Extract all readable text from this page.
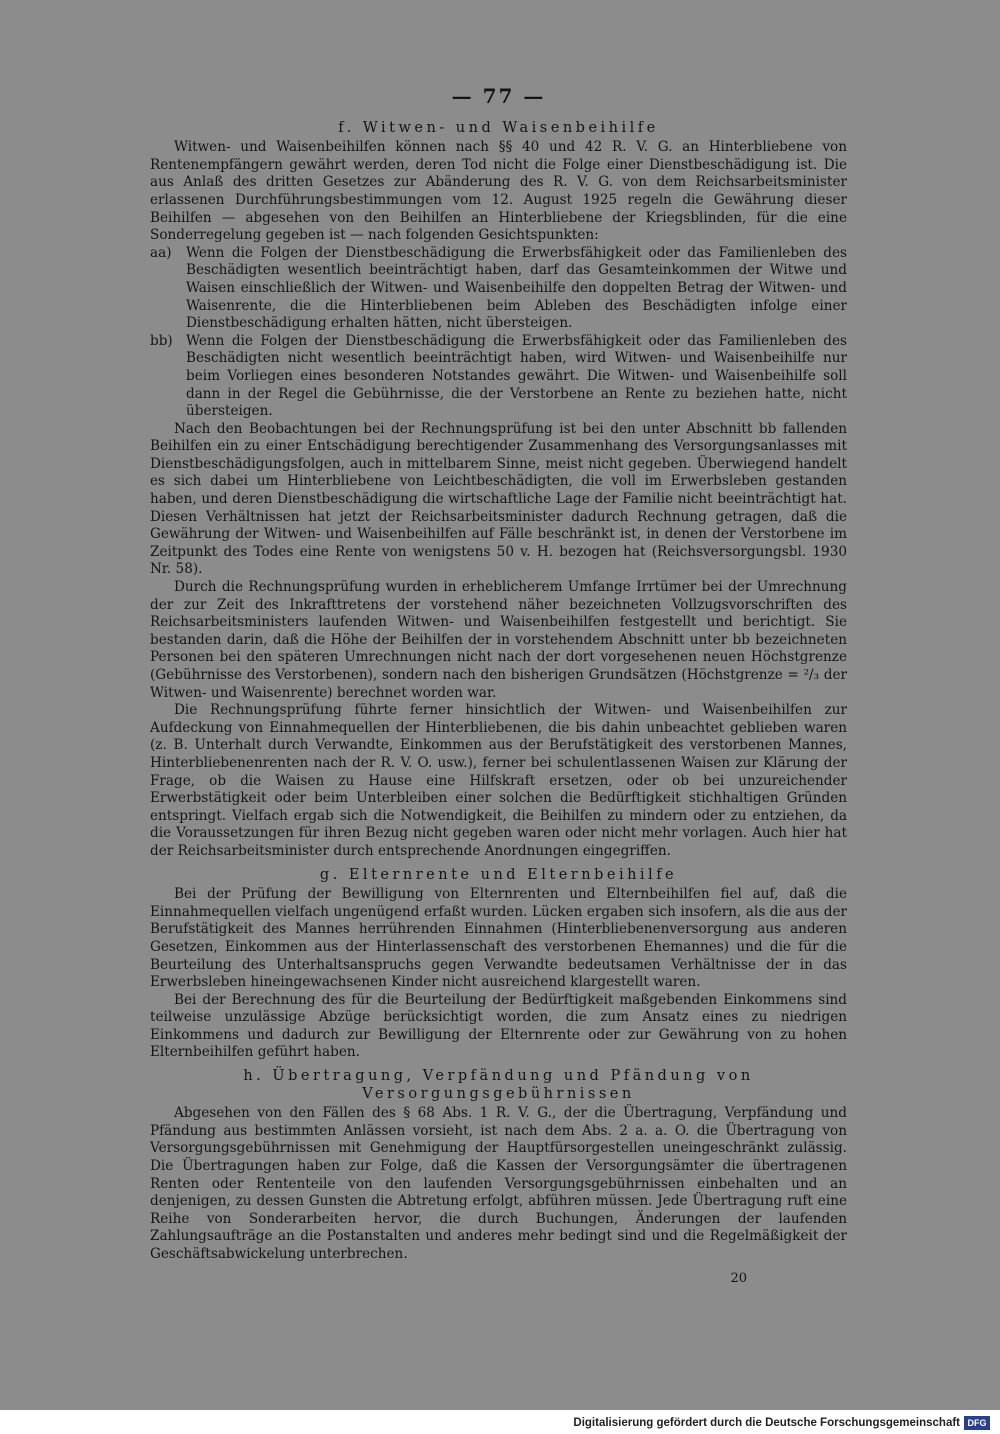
— 77 —
f. Witwen- und Waisenbeihilfe

Witwen- und Waisenbeihilfen können nach §§ 40 und 42 R. V. G. an Hinterbliebene von Rentenempfängern gewährt werden, deren Tod nicht die Folge einer Dienstbeschädigung ist. Die aus Anlaß des dritten Gesetzes zur Abänderung des R. V. G. von dem Reichsarbeitsminister erlassenen Durchführungsbestimmungen vom 12. August 1925 regeln die Gewährung dieser Beihilfen — abgesehen von den Beihilfen an Hinterbliebene der Kriegsblinden, für die eine Sonderregelung gegeben ist — nach folgenden Gesichtspunkten:

aa)	Wenn die Folgen der Dienstbeschädigung die Erwerbsfähigkeit oder das Familienleben des Beschädigten wesentlich beeinträchtigt haben, darf das Gesamteinkommen der Witwe und Waisen einschließlich der Witwen- und Waisenbeihilfe den doppelten Betrag der Witwen- und Waisenrente, die die Hinterbliebenen beim Ableben des Beschädigten infolge einer Dienstbeschädigung erhalten hätten, nicht übersteigen.
bb) Wenn die Folgen der Dienstbeschädigung die Erwerbsfähigkeit oder das Familienleben des Beschädigten nicht wesentlich beeinträchtigt haben, wird Witwen- und Waisenbeihilfe nur beim Vorliegen eines besonderen Notstandes gewährt. Die Witwen- und Waisenbeihilfe soll dann in der Regel die Gebührnisse, die der Verstorbene an Rente zu beziehen hatte, nicht übersteigen.

Nach den Beobachtungen bei der Rechnungsprüfung ist bei den unter Abschnitt bb fallenden Beihilfen ein zu einer Entschädigung berechtigender Zusammenhang des Versorgungsanlasses mit Dienstbeschädigungsfolgen, auch in mittelbarem Sinne, meist nicht gegeben. Überwiegend handelt es sich dabei um Hinterbliebene von Leichtbeschädigten, die voll im Erwerbsleben gestanden haben, und deren Dienstbeschädigung die wirtschaftliche Lage der Familie nicht beeinträchtigt hat. Diesen Verhältnissen hat jetzt der Reichsarbeitsminister dadurch Rechnung getragen, daß die Gewährung der Witwen- und Waisenbeihilfen auf Fälle beschränkt ist, in denen der Verstorbene im Zeitpunkt des Todes eine Rente von wenigstens 50 v. H. bezogen hat (Reichsversorgungsbl. 1930 Nr. 58).

Durch die Rechnungsprüfung wurden in erheblicherem Umfange Irrtümer bei der Umrechnung der zur Zeit des Inkrafttretens der vorstehend näher bezeichneten Vollzugsvorschriften des Reichsarbeitsministers laufenden Witwen- und Waisenbeihilfen festgestellt und berichtigt. Sie bestanden darin, daß die Höhe der Beihilfen der in vorstehendem Abschnitt unter bb bezeichneten Personen bei den späteren Umrechnungen nicht nach der dort vorgesehenen neuen Höchstgrenze (Gebührnisse des Verstorbenen), sondern nach den bisherigen Grundsätzen (Höchstgrenze = ²/₃ der Witwen- und Waisenrente) berechnet worden war.

Die Rechnungsprüfung führte ferner hinsichtlich der Witwen- und Waisenbeihilfen zur Aufdeckung von Einnahmequellen der Hinterbliebenen, die bis dahin unbeachtet geblieben waren (z. B. Unterhalt durch Verwandte, Einkommen aus der Berufstätigkeit des verstorbenen Mannes, Hinterbliebenenrenten nach der R. V. O. usw.), ferner bei schulentlassenen Waisen zur Klärung der Frage, ob die Waisen zu Hause eine Hilfskraft ersetzen, oder ob bei unzureichender Erwerbstätigkeit oder beim Unterbleiben einer solchen die Bedürftigkeit stichhaltigen Gründen entspringt. Vielfach ergab sich die Notwendigkeit, die Beihilfen zu mindern oder zu entziehen, da die Voraussetzungen für ihren Bezug nicht gegeben waren oder nicht mehr vorlagen. Auch hier hat der Reichsarbeitsminister durch entsprechende Anordnungen eingegriffen.

g. Elternrente und Elternbeihilfe

Bei der Prüfung der Bewilligung von Elternrenten und Elternbeihilfen fiel auf, daß die Einnahmequellen vielfach ungenügend erfaßt wurden. Lücken ergaben sich insofern, als die aus der Berufstätigkeit des Mannes herrührenden Einnahmen (Hinterbliebenenversorgung aus anderen Gesetzen, Einkommen aus der Hinterlassenschaft des verstorbenen Ehemannes) und die für die Beurteilung des Unterhaltsanspruchs gegen Verwandte bedeutsamen Verhältnisse der in das Erwerbsleben hineingewachsenen Kinder nicht ausreichend klargestellt waren.

Bei der Berechnung des für die Beurteilung der Bedürftigkeit maßgebenden Einkommens sind teilweise unzulässige Abzüge berücksichtigt worden, die zum Ansatz eines zu niedrigen Einkommens und dadurch zur Bewilligung der Elternrente oder zur Gewährung von zu hohen Elternbeihilfen geführt haben.

h. Übertragung, Verpfändung und Pfändung von Versorgungsgebührnissen

Abgesehen von den Fällen des § 68 Abs. 1 R. V. G., der die Übertragung, Verpfändung und Pfändung aus bestimmten Anlässen vorsieht, ist nach dem Abs. 2 a. a. O. die Übertragung von Versorgungsgebührnissen mit Genehmigung der Hauptfürsorgestellen uneingeschränkt zulässig. Die Übertragungen haben zur Folge, daß die Kassen der Versorgungsämter die übertragenen Renten oder Rententeile von den laufenden Versorgungsgebührnissen einbehalten und an denjenigen, zu dessen Gunsten die Abtretung erfolgt, abführen müssen. Jede Übertragung ruft eine Reihe von Sonderarbeiten hervor, die durch Buchungen, Änderungen der laufenden Zahlungsaufträge an die Postanstalten und anderes mehr bedingt sind und die Regelmäßigkeit der Geschäftsabwickelung unterbrechen.

20
Digitalisierung gefördert durch die Deutsche Forschungsgemeinschaft DFG
